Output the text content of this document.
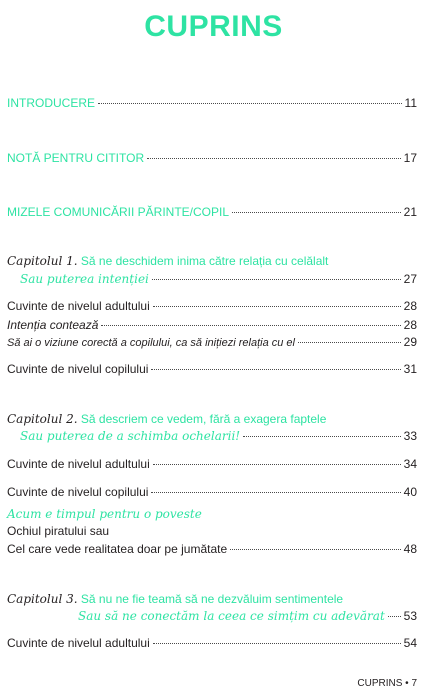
CUPRINS
INTRODUCERE	11
NOTĂ PENTRU CITITOR	17
MIZELE COMUNICĂRII PĂRINTE/COPIL	21
Capitolul 1. Să ne deschidem inima către relația cu celălalt
Sau puterea intenției	27
Cuvinte de nivelul adultului	28
Intenția contează	28
Să ai o viziune corectă a copilului, ca să inițiezi relația cu el	29
Cuvinte de nivelul copilului	31
Capitolul 2. Să descriem ce vedem, fără a exagera faptele
Sau puterea de a schimba ochelarii!	33
Cuvinte de nivelul adultului	34
Cuvinte de nivelul copilului	40
Acum e timpul pentru o poveste
Ochiul piratului sau
Cel care vede realitatea doar pe jumătate	48
Capitolul 3. Să nu ne fie teamă să ne dezvăluim sentimentele
Sau să ne conectăm la ceea ce simțim cu adevărat 53
Cuvinte de nivelul adultului	54
CUPRINS • 7
